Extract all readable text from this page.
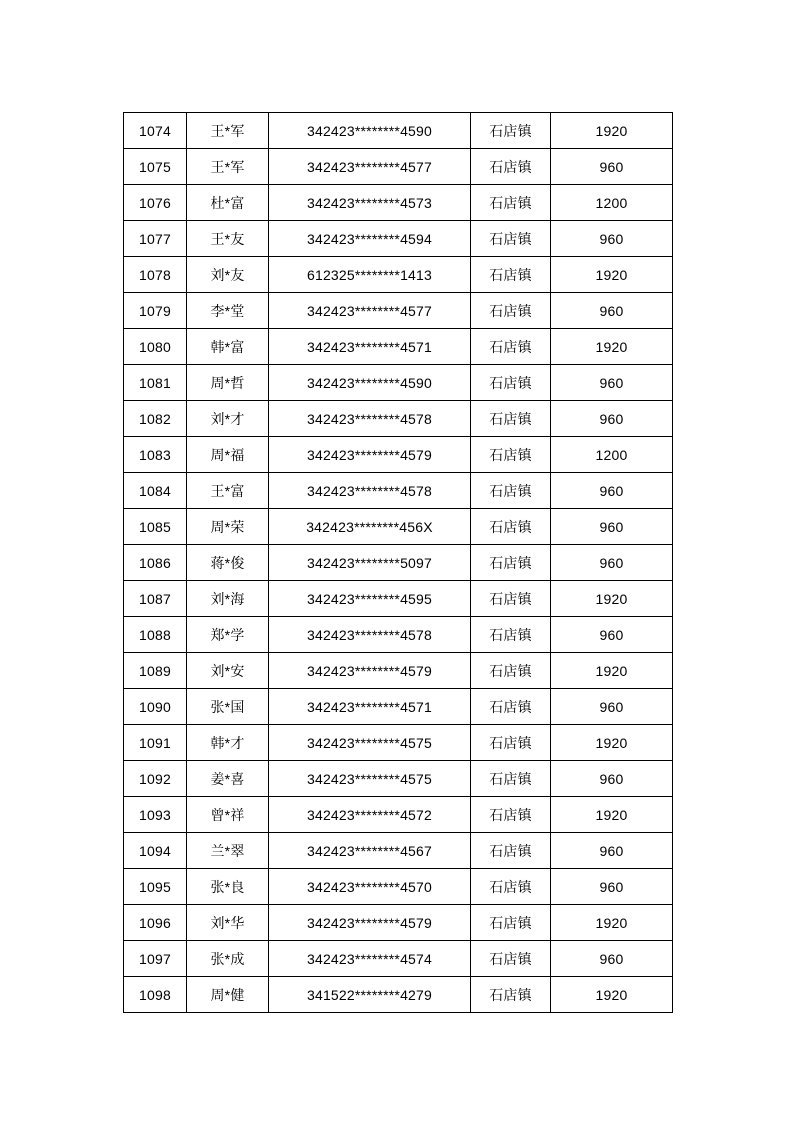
1074	王*军	342423********4590	石店镇	1920
1075	王*军	342423********4577	石店镇	960
1076	杜*富	342423********4573	石店镇	1200
1077	王*友	342423********4594	石店镇	960
1078	刘*友	612325********1413	石店镇	1920
1079	李*堂	342423********4577	石店镇	960
1080	韩*富	342423********4571	石店镇	1920
1081	周*哲	342423********4590	石店镇	960
1082	刘*才	342423********4578	石店镇	960
1083	周*福	342423********4579	石店镇	1200
1084	王*富	342423********4578	石店镇	960
1085	周*荣	342423********456X	石店镇	960
1086	蒋*俊	342423********5097	石店镇	960
1087	刘*海	342423********4595	石店镇	1920
1088	郑*学	342423********4578	石店镇	960
1089	刘*安	342423********4579	石店镇	1920
1090	张*国	342423********4571	石店镇	960
1091	韩*才	342423********4575	石店镇	1920
1092	姜*喜	342423********4575	石店镇	960
1093	曾*祥	342423********4572	石店镇	1920
1094	兰*翠	342423********4567	石店镇	960
1095	张*良	342423********4570	石店镇	960
1096	刘*华	342423********4579	石店镇	1920
1097	张*成	342423********4574	石店镇	960
1098	周*健	341522********4279	石店镇	1920
